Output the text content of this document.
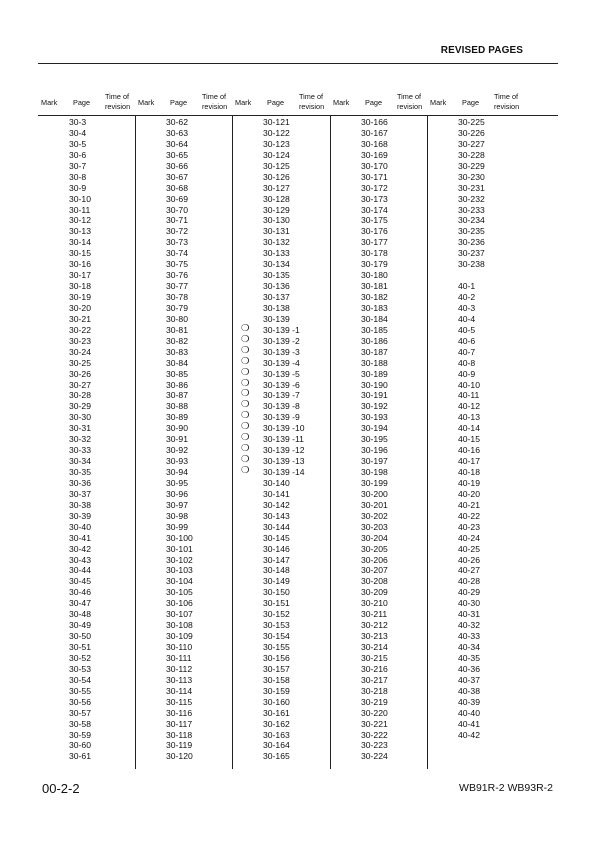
REVISED PAGES
Mark Page
Time of
revision Mark Page
Time of
revision Mark Page
Time of
revision Mark Page
Time of
revision Mark Page
Time of
revision
30-3
30-4
30-5
30-6
30-7
30-8
30-9
30-10
30-11
30-12
30-13
30-14
30-15
30-16
30-17
30-18
30-19
30-20
30-21
30-22
30-23
30-24
30-25
30-26
30-27
30-28
30-29
30-30
30-31
30-32
30-33
30-34
30-35
30-36
30-37
30-38
30-39
30-40
30-41
30-42
30-43
30-44
30-45
30-46
30-47
30-48
30-49
30-50
30-51
30-52
30-53
30-54
30-55
30-56
30-57
30-58
30-59
30-60
30-61
30-62
30-63
30-64
30-65
30-66
30-67
30-68
30-69
30-70
30-71
30-72
30-73
30-74
30-75
30-76
30-77
30-78
30-79
30-80
30-81
30-82
30-83
30-84
30-85
30-86
30-87
30-88
30-89
30-90
30-91
30-92
30-93
30-94
30-95
30-96
30-97
30-98
30-99
30-100
30-101
30-102
30-103
30-104
30-105
30-106
30-107
30-108
30-109
30-110
30-111
30-112
30-113
30-114
30-115
30-116
30-117
30-118
30-119
30-120
30-121
30-122
30-123
30-124
30-125
30-126
30-127
30-128
30-129
30-130
30-131
30-132
30-133
30-134
30-135
30-136
30-137
30-138
30-139
30-139 -1
❍
30-139 -2
❍
30-139 -3
❍
30-139 -4
❍
30-139 -5
❍
30-139 -6
❍
30-139 -7
❍
30-139 -8
❍
30-139 -9
❍
30-139 -10
❍
30-139 -11
❍
30-139 -12
❍
30-139 -13
❍
30-139 -14
❍
30-140
30-141
30-142
30-143
30-144
30-145
30-146
30-147
30-148
30-149
30-150
30-151
30-152
30-153
30-154
30-155
30-156
30-157
30-158
30-159
30-160
30-161
30-162
30-163
30-164
30-165
30-166
30-167
30-168
30-169
30-170
30-171
30-172
30-173
30-174
30-175
30-176
30-177
30-178
30-179
30-180
30-181
30-182
30-183
30-184
30-185
30-186
30-187
30-188
30-189
30-190
30-191
30-192
30-193
30-194
30-195
30-196
30-197
30-198
30-199
30-200
30-201
30-202
30-203
30-204
30-205
30-206
30-207
30-208
30-209
30-210
30-211
30-212
30-213
30-214
30-215
30-216
30-217
30-218
30-219
30-220
30-221
30-222
30-223
30-224
30-225
30-226
30-227
30-228
30-229
30-230
30-231
30-232
30-233
30-234
30-235
30-236
30-237
30-238
40-1
40-2
40-3
40-4
40-5
40-6
40-7
40-8
40-9
40-10
40-11
40-12
40-13
40-14
40-15
40-16
40-17
40-18
40-19
40-20
40-21
40-22
40-23
40-24
40-25
40-26
40-27
40-28
40-29
40-30
40-31
40-32
40-33
40-34
40-35
40-36
40-37
40-38
40-39
40-40
40-41
40-42
00-2-2	WB91R-2 WB93R-2
